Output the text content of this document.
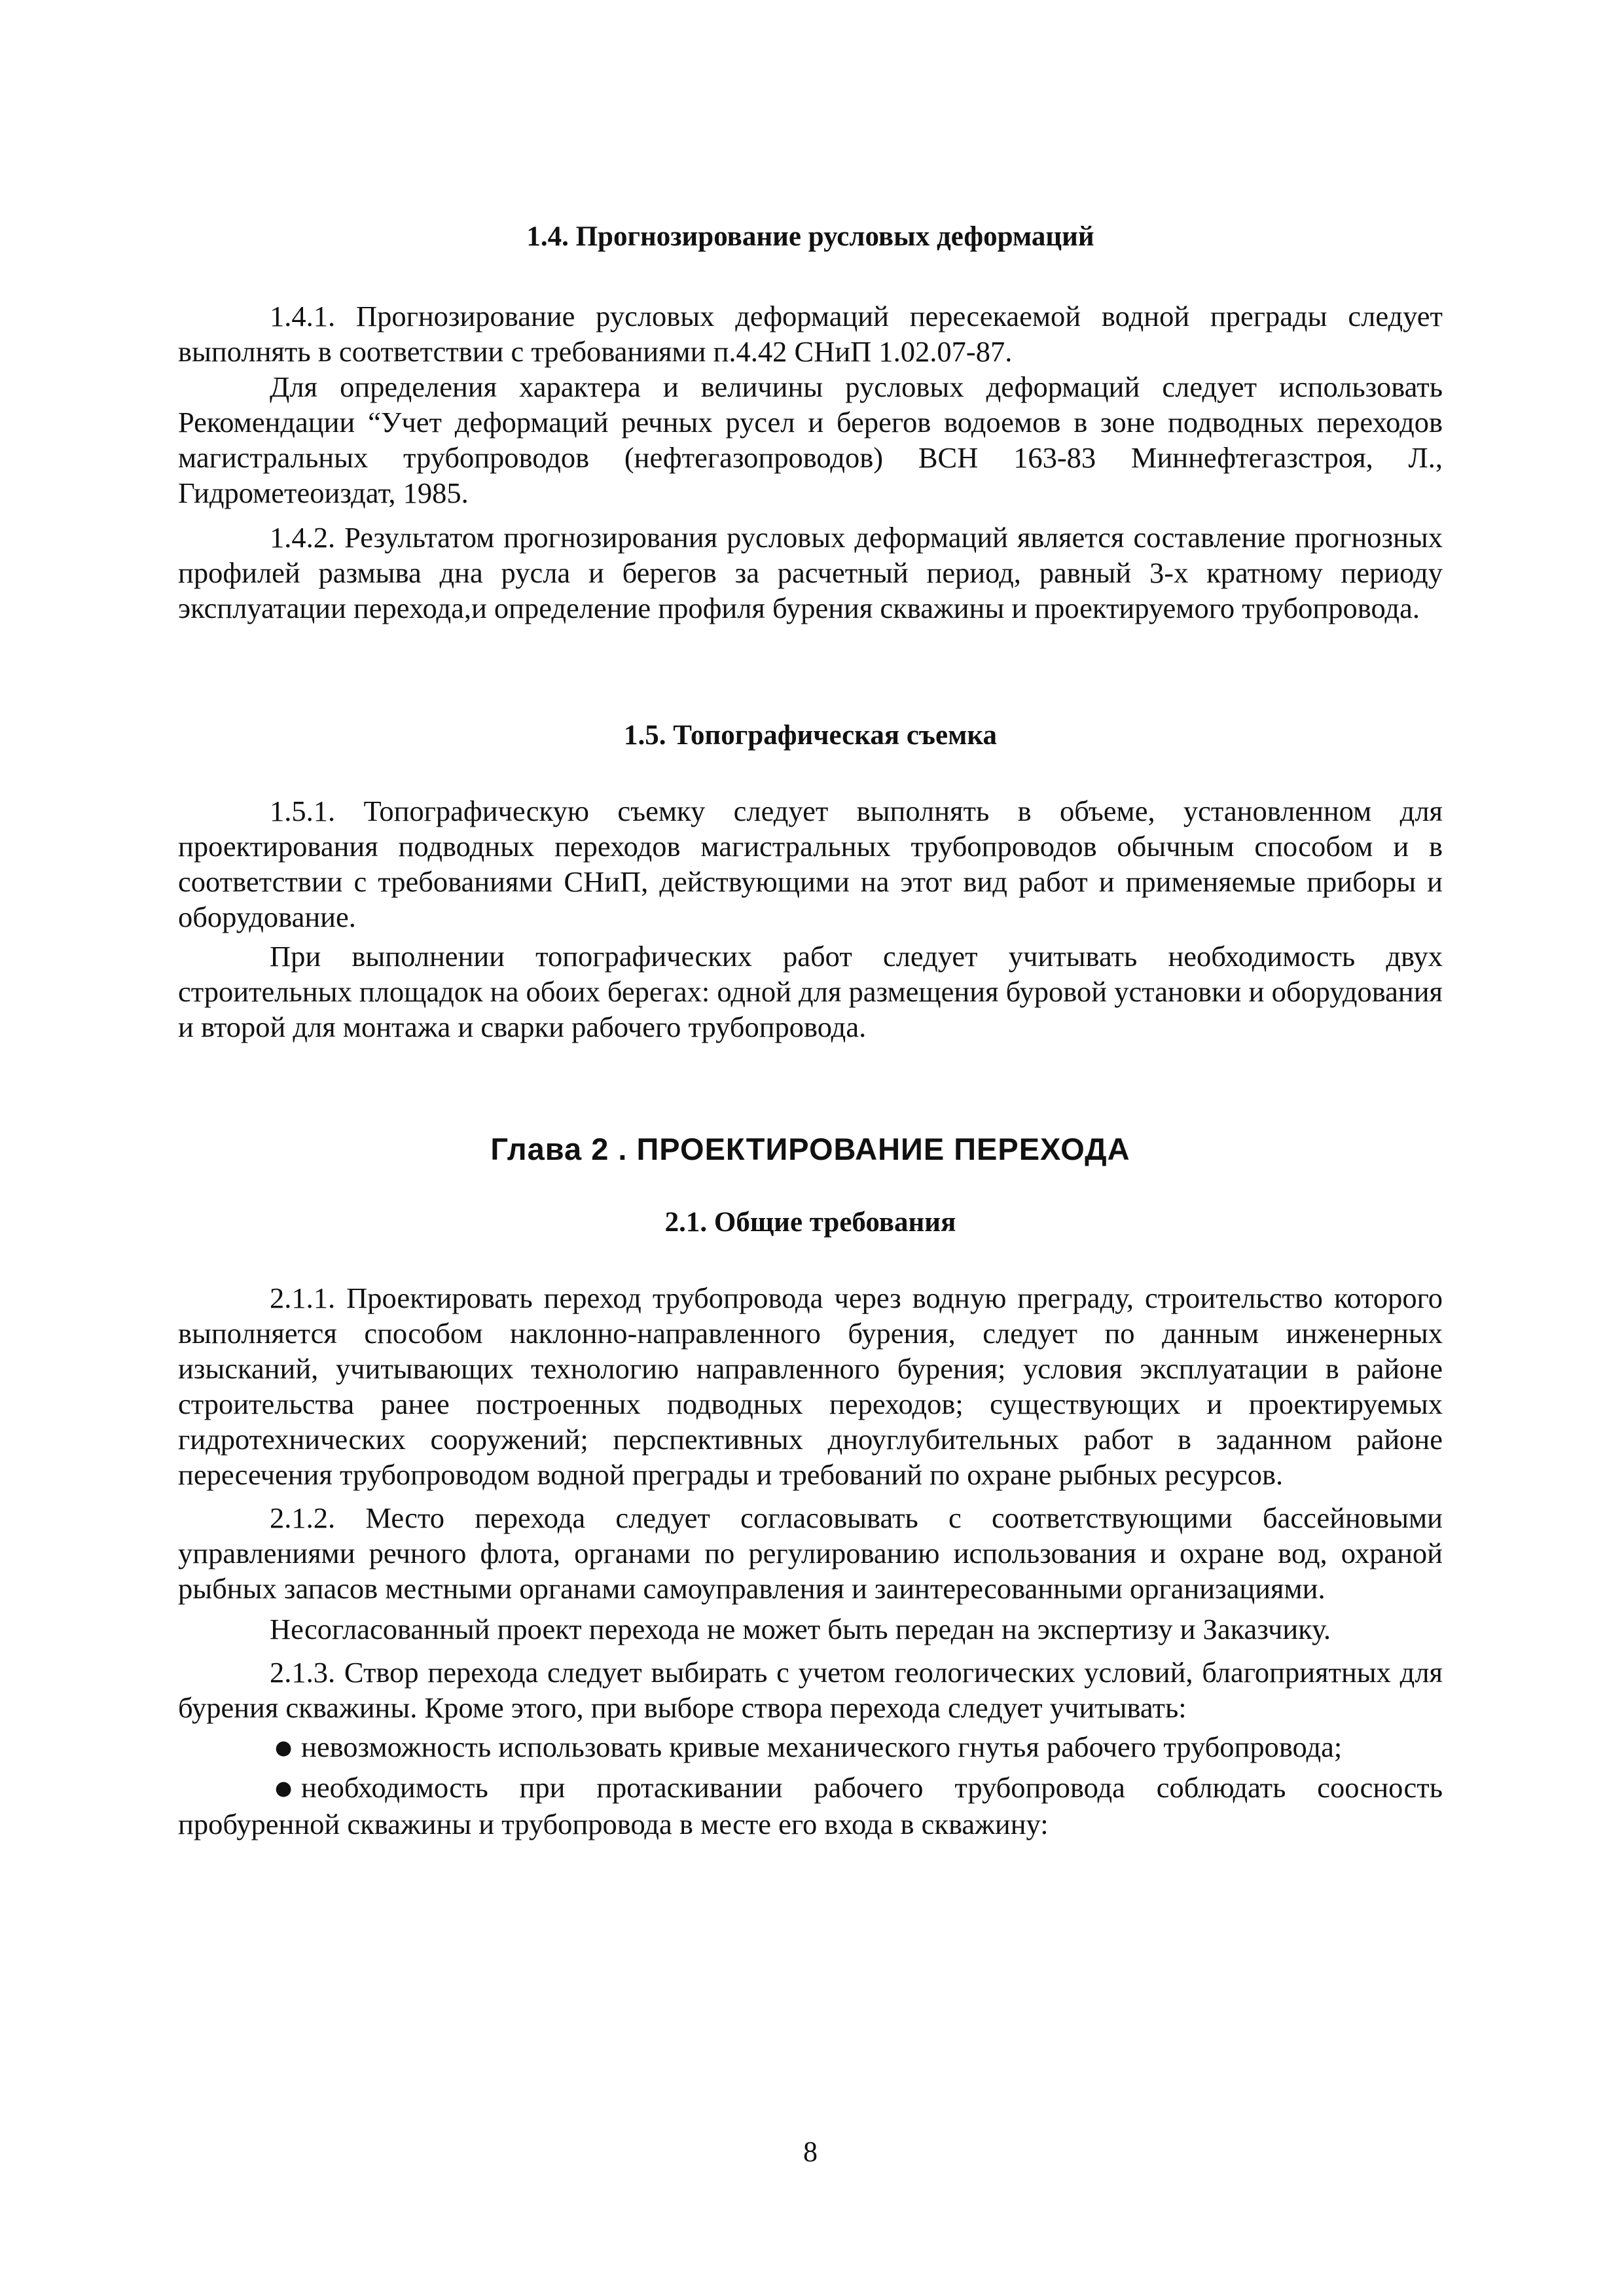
1.4. Прогнозирование русловых деформаций

1.4.1. Прогнозирование русловых деформаций пересекаемой водной преграды следует выполнять в соответствии с требованиями п.4.42 СНиП 1.02.07-87.

Для определения характера и величины русловых деформаций следует использовать Рекомендации “Учет деформаций речных русел и берегов водоемов в зоне подводных переходов магистральных трубопроводов (нефтегазопроводов) ВСН 163-83 Миннефтегазстроя, Л., Гидрометеоиздат, 1985.

1.4.2. Результатом прогнозирования русловых деформаций является составление прогнозных профилей размыва дна русла и берегов за расчетный период, равный 3-х кратному периоду эксплуатации перехода,и определение профиля бурения скважины и проектируемого трубопровода.

1.5. Топографическая съемка

1.5.1. Топографическую съемку следует выполнять в объеме, установленном для проектирования подводных переходов магистральных трубопроводов обычным способом и в соответствии с требованиями СНиП, действующими на этот вид работ и применяемые приборы и оборудование.

При выполнении топографических работ следует учитывать необходимость двух строительных площадок на обоих берегах: одной для размещения буровой установки и оборудования и второй для монтажа и сварки рабочего трубопровода.

Глава 2 . ПРОЕКТИРОВАНИЕ ПЕРЕХОДА
2.1. Общие требования

2.1.1. Проектировать переход трубопровода через водную преграду, строительство которого выполняется способом наклонно-направленного бурения, следует по данным инженерных изысканий, учитывающих технологию направленного бурения; условия эксплуатации в районе строительства ранее построенных подводных переходов; существующих и проектируемых гидротехнических сооружений; перспективных дноуглубительных работ в заданном районе пересечения трубопроводом водной преграды и требований по охране рыбных ресурсов.

2.1.2. Место перехода следует согласовывать с соответствующими бассейновыми управлениями речного флота, органами по регулированию использования и охране вод, охраной рыбных запасов местными органами самоуправления и заинтересованными организациями.

Несогласованный проект перехода не может быть передан на экспертизу и Заказчику.

2.1.3. Створ перехода следует выбирать с учетом геологических условий, благоприятных для бурения скважины. Кроме этого, при выборе створа перехода следует учитывать:

● невозможность использовать кривые механического гнутья рабочего трубопровода;

● необходимость при протаскивании рабочего трубопровода соблюдать соосность пробуренной скважины и трубопровода в месте его входа в скважину:

8
